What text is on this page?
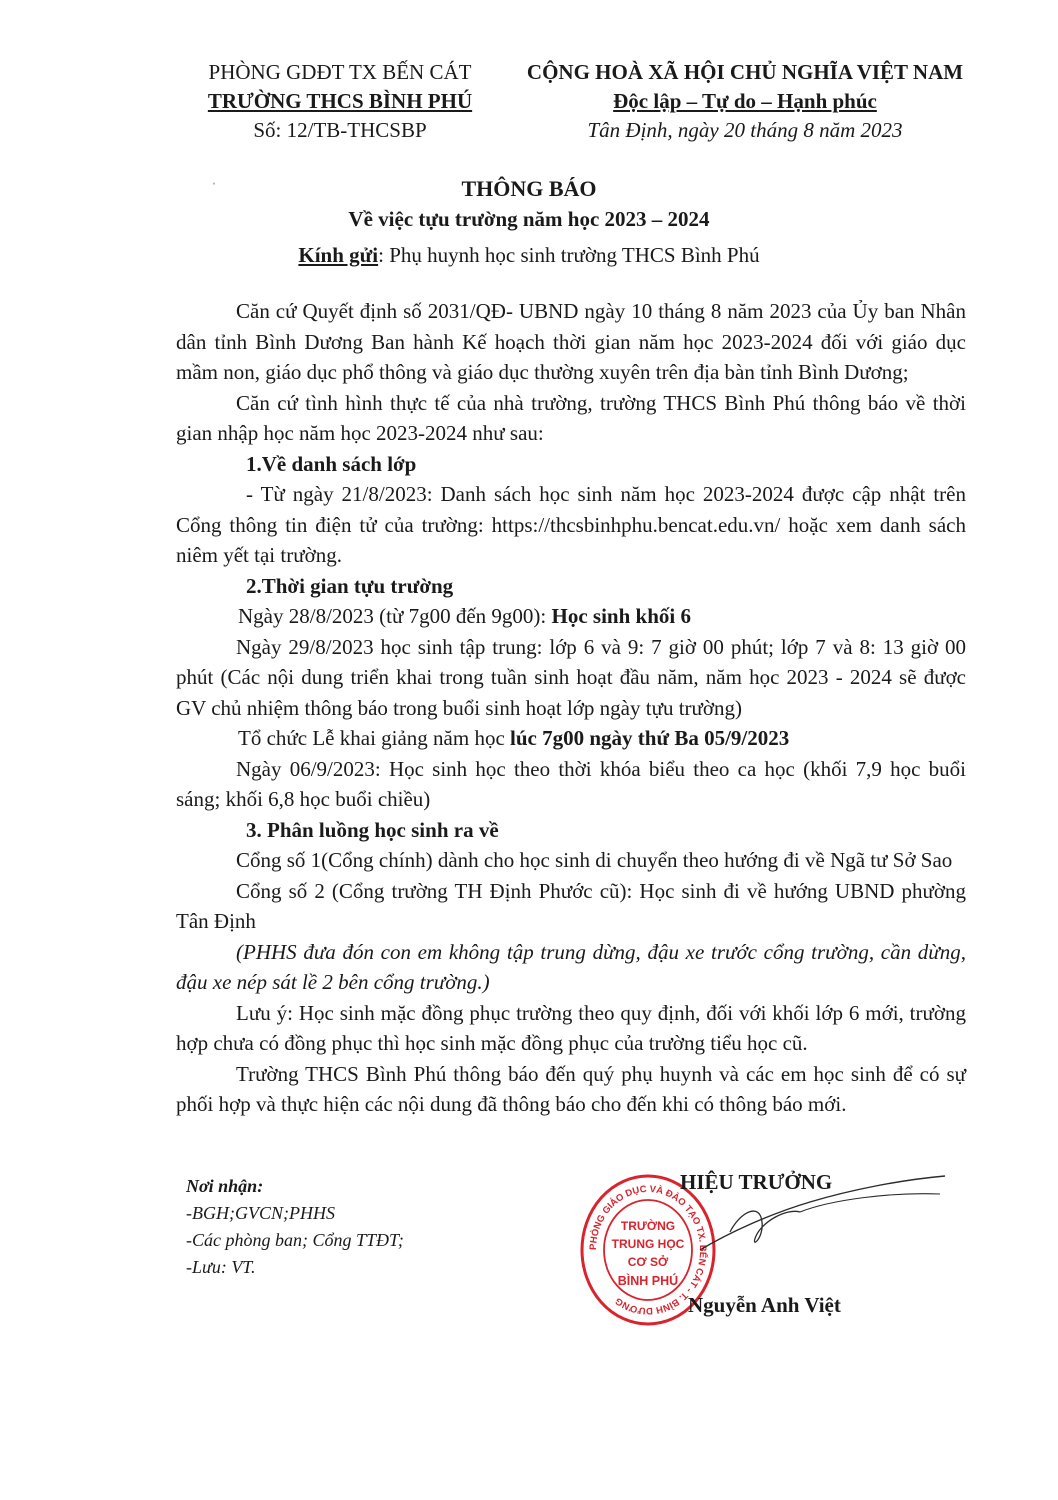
PHÒNG GDĐT TX BẾN CÁT
TRƯỜNG THCS BÌNH PHÚ
Số: 12/TB-THCSBP
CỘNG HOÀ XÃ HỘI CHỦ NGHĨA VIỆT NAM
Độc lập – Tự do – Hạnh phúc
Tân Định, ngày 20 tháng 8 năm 2023
ˈ	THÔNG BÁO
Về việc tựu trường năm học 2023 – 2024
Kính gửi: Phụ huynh học sinh trường THCS Bình Phú

Căn cứ Quyết định số 2031/QĐ- UBND ngày 10 tháng 8 năm 2023 của Ủy ban Nhân dân tỉnh Bình Dương Ban hành Kế hoạch thời gian năm học 2023-2024 đối với giáo dục mầm non, giáo dục phổ thông và giáo dục thường xuyên trên địa bàn tỉnh Bình Dương;

Căn cứ tình hình thực tế của nhà trường, trường THCS Bình Phú thông báo về thời gian nhập học năm học 2023-2024 như sau:

1.Về danh sách lớp

- Từ ngày 21/8/2023: Danh sách học sinh năm học 2023-2024 được cập nhật trên Cổng thông tin điện tử của trường: https://thcsbinhphu.bencat.edu.vn/ hoặc xem danh sách niêm yết tại trường.

2.Thời gian tựu trường

Ngày 28/8/2023 (từ 7g00 đến 9g00): Học sinh khối 6

Ngày 29/8/2023 học sinh tập trung: lớp 6 và 9: 7 giờ 00 phút; lớp 7 và 8: 13 giờ 00 phút (Các nội dung triển khai trong tuần sinh hoạt đầu năm, năm học 2023 - 2024 sẽ được GV chủ nhiệm thông báo trong buổi sinh hoạt lớp ngày tựu trường)

Tổ chức Lễ khai giảng năm học lúc 7g00 ngày thứ Ba 05/9/2023

Ngày 06/9/2023: Học sinh học theo thời khóa biểu theo ca học (khối 7,9 học buổi sáng; khối 6,8 học buổi chiều)

3. Phân luồng học sinh ra về

Cổng số 1(Cổng chính) dành cho học sinh di chuyển theo hướng đi về Ngã tư Sở Sao

Cổng số 2 (Cổng trường TH Định Phước cũ): Học sinh đi về hướng UBND phường Tân Định

(PHHS đưa đón con em không tập trung dừng, đậu xe trước cổng trường, cần dừng, đậu xe nép sát lề 2 bên cổng trường.)

Lưu ý: Học sinh mặc đồng phục trường theo quy định, đối với khối lớp 6 mới, trường hợp chưa có đồng phục thì học sinh mặc đồng phục của trường tiểu học cũ.

Trường THCS Bình Phú thông báo đến quý phụ huynh và các em học sinh để có sự phối hợp và thực hiện các nội dung đã thông báo cho đến khi có thông báo mới.

Nơi nhận:
-BGH;GVCN;PHHS
-Các phòng ban; Cổng TTĐT;
-Lưu: VT.
PHÒNG GIÁO DỤC VÀ ĐÀO TẠO TX. BẾN CÁT - T. BÌNH DƯƠNG
TRƯỜNG
TRUNG HỌC
CƠ SỞ
BÌNH PHÚ
HIỆU TRƯỞNG
Nguyễn Anh Việt
